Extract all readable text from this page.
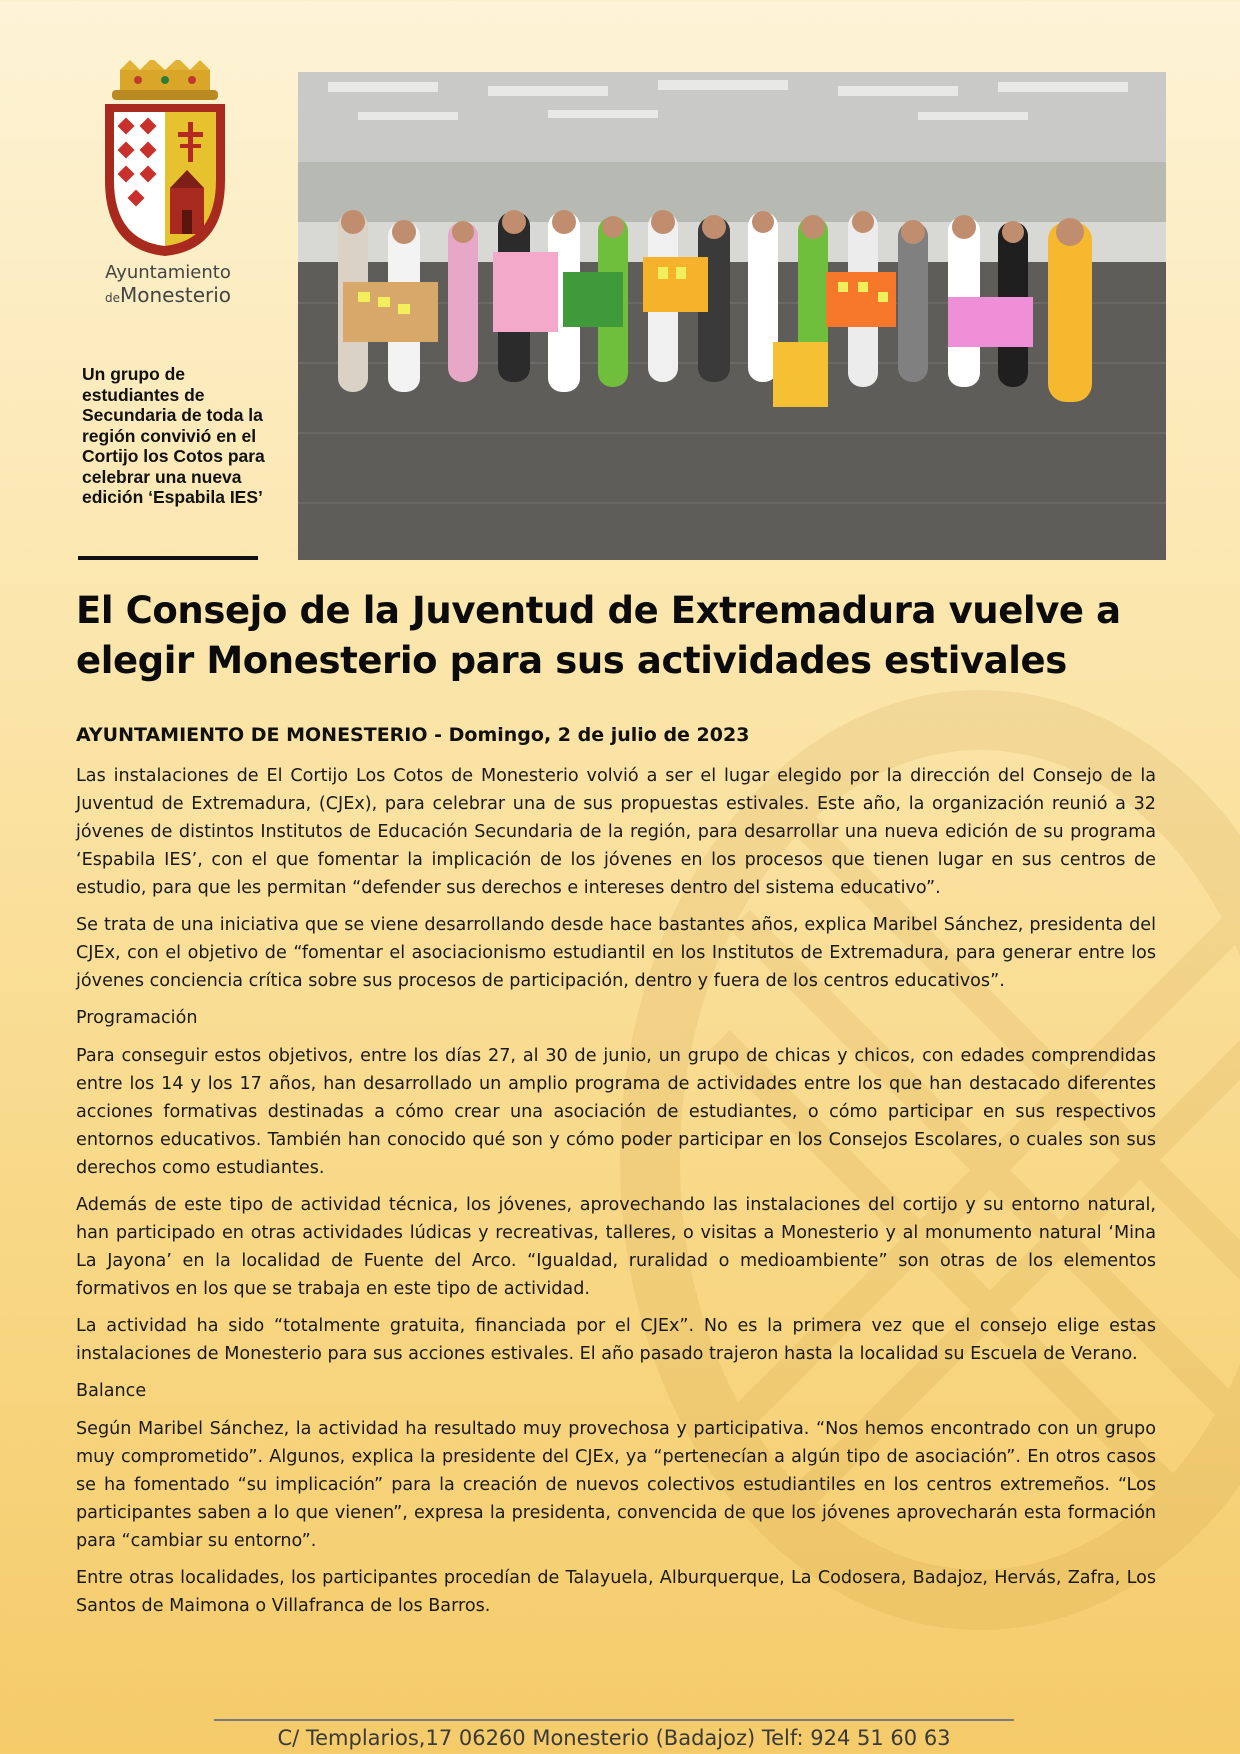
Ayuntamiento
deMonesterio
Un grupo de estudiantes de Secundaria de toda la región convivió en el Cortijo los Cotos para celebrar una nueva edición ‘Espabila IES’
El Consejo de la Juventud de Extremadura vuelve a elegir Monesterio para sus actividades estivales

AYUNTAMIENTO DE MONESTERIO - Domingo, 2 de julio de 2023

Las instalaciones de El Cortijo Los Cotos de Monesterio volvió a ser el lugar elegido por la dirección del Consejo de la Juventud de Extremadura, (CJEx), para celebrar una de sus propuestas estivales. Este año, la organización reunió a 32 jóvenes de distintos Institutos de Educación Secundaria de la región, para desarrollar una nueva edición de su programa ‘Espabila IES’, con el que fomentar la implicación de los jóvenes en los procesos que tienen lugar en sus centros de estudio, para que les permitan “defender sus derechos e intereses dentro del sistema educativo”.

Se trata de una iniciativa que se viene desarrollando desde hace bastantes años, explica Maribel Sánchez, presidenta del CJEx, con el objetivo de “fomentar el asociacionismo estudiantil en los Institutos de Extremadura, para generar entre los jóvenes conciencia crítica sobre sus procesos de participación, dentro y fuera de los centros educativos”.

Programación

Para conseguir estos objetivos, entre los días 27, al 30 de junio, un grupo de chicas y chicos, con edades comprendidas entre los 14 y los 17 años, han desarrollado un amplio programa de actividades entre los que han destacado diferentes acciones formativas destinadas a cómo crear una asociación de estudiantes, o cómo participar en sus respectivos entornos educativos. También han conocido qué son y cómo poder participar en los Consejos Escolares, o cuales son sus derechos como estudiantes.

Además de este tipo de actividad técnica, los jóvenes, aprovechando las instalaciones del cortijo y su entorno natural, han participado en otras actividades lúdicas y recreativas, talleres, o visitas a Monesterio y al monumento natural ‘Mina La Jayona’ en la localidad de Fuente del Arco. “Igualdad, ruralidad o medioambiente” son otras de los elementos formativos en los que se trabaja en este tipo de actividad.

La actividad ha sido “totalmente gratuita, financiada por el CJEx”. No es la primera vez que el consejo elige estas instalaciones de Monesterio para sus acciones estivales. El año pasado trajeron hasta la localidad su Escuela de Verano.

Balance

Según Maribel Sánchez, la actividad ha resultado muy provechosa y participativa. “Nos hemos encontrado con un grupo muy comprometido”. Algunos, explica la presidente del CJEx, ya “pertenecían a algún tipo de asociación”. En otros casos se ha fomentado “su implicación” para la creación de nuevos colectivos estudiantiles en los centros extremeños. “Los participantes saben a lo que vienen”, expresa la presidenta, convencida de que los jóvenes aprovecharán esta formación para “cambiar su entorno”.

Entre otras localidades, los participantes procedían de Talayuela, Alburquerque, La Codosera, Badajoz, Hervás, Zafra, Los Santos de Maimona o Villafranca de los Barros.

C/ Templarios,17 06260 Monesterio (Badajoz) Telf: 924 51 60 63
